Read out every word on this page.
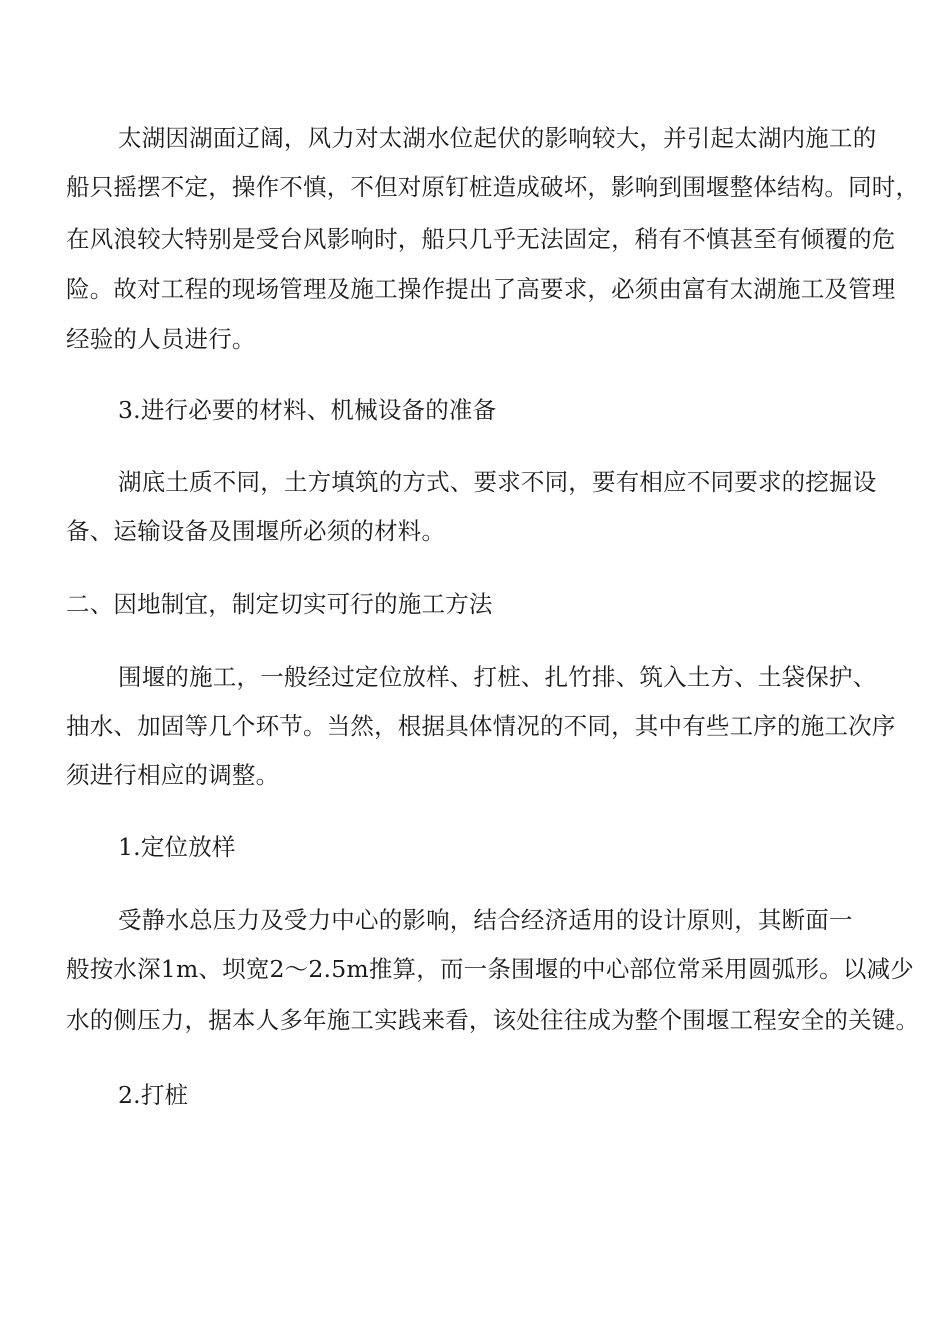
太湖因湖面辽阔，风力对太湖水位起伏的影响较大，并引起太湖内施工的
船只摇摆不定，操作不慎，不但对原钉桩造成破坏，影响到围堰整体结构。同时，
在风浪较大特别是受台风影响时，船只几乎无法固定，稍有不慎甚至有倾覆的危
险。故对工程的现场管理及施工操作提出了高要求，必须由富有太湖施工及管理
经验的人员进行。
3.进行必要的材料、机械设备的准备
湖底土质不同，土方填筑的方式、要求不同，要有相应不同要求的挖掘设
备、运输设备及围堰所必须的材料。
二、因地制宜，制定切实可行的施工方法
围堰的施工，一般经过定位放样、打桩、扎竹排、筑入土方、土袋保护、
抽水、加固等几个环节。当然，根据具体情况的不同，其中有些工序的施工次序
须进行相应的调整。
1.定位放样
受静水总压力及受力中心的影响，结合经济适用的设计原则，其断面一
般按水深1m、坝宽2～2.5m推算，而一条围堰的中心部位常采用圆弧形。以减少
水的侧压力，据本人多年施工实践来看，该处往往成为整个围堰工程安全的关键。
2.打桩
